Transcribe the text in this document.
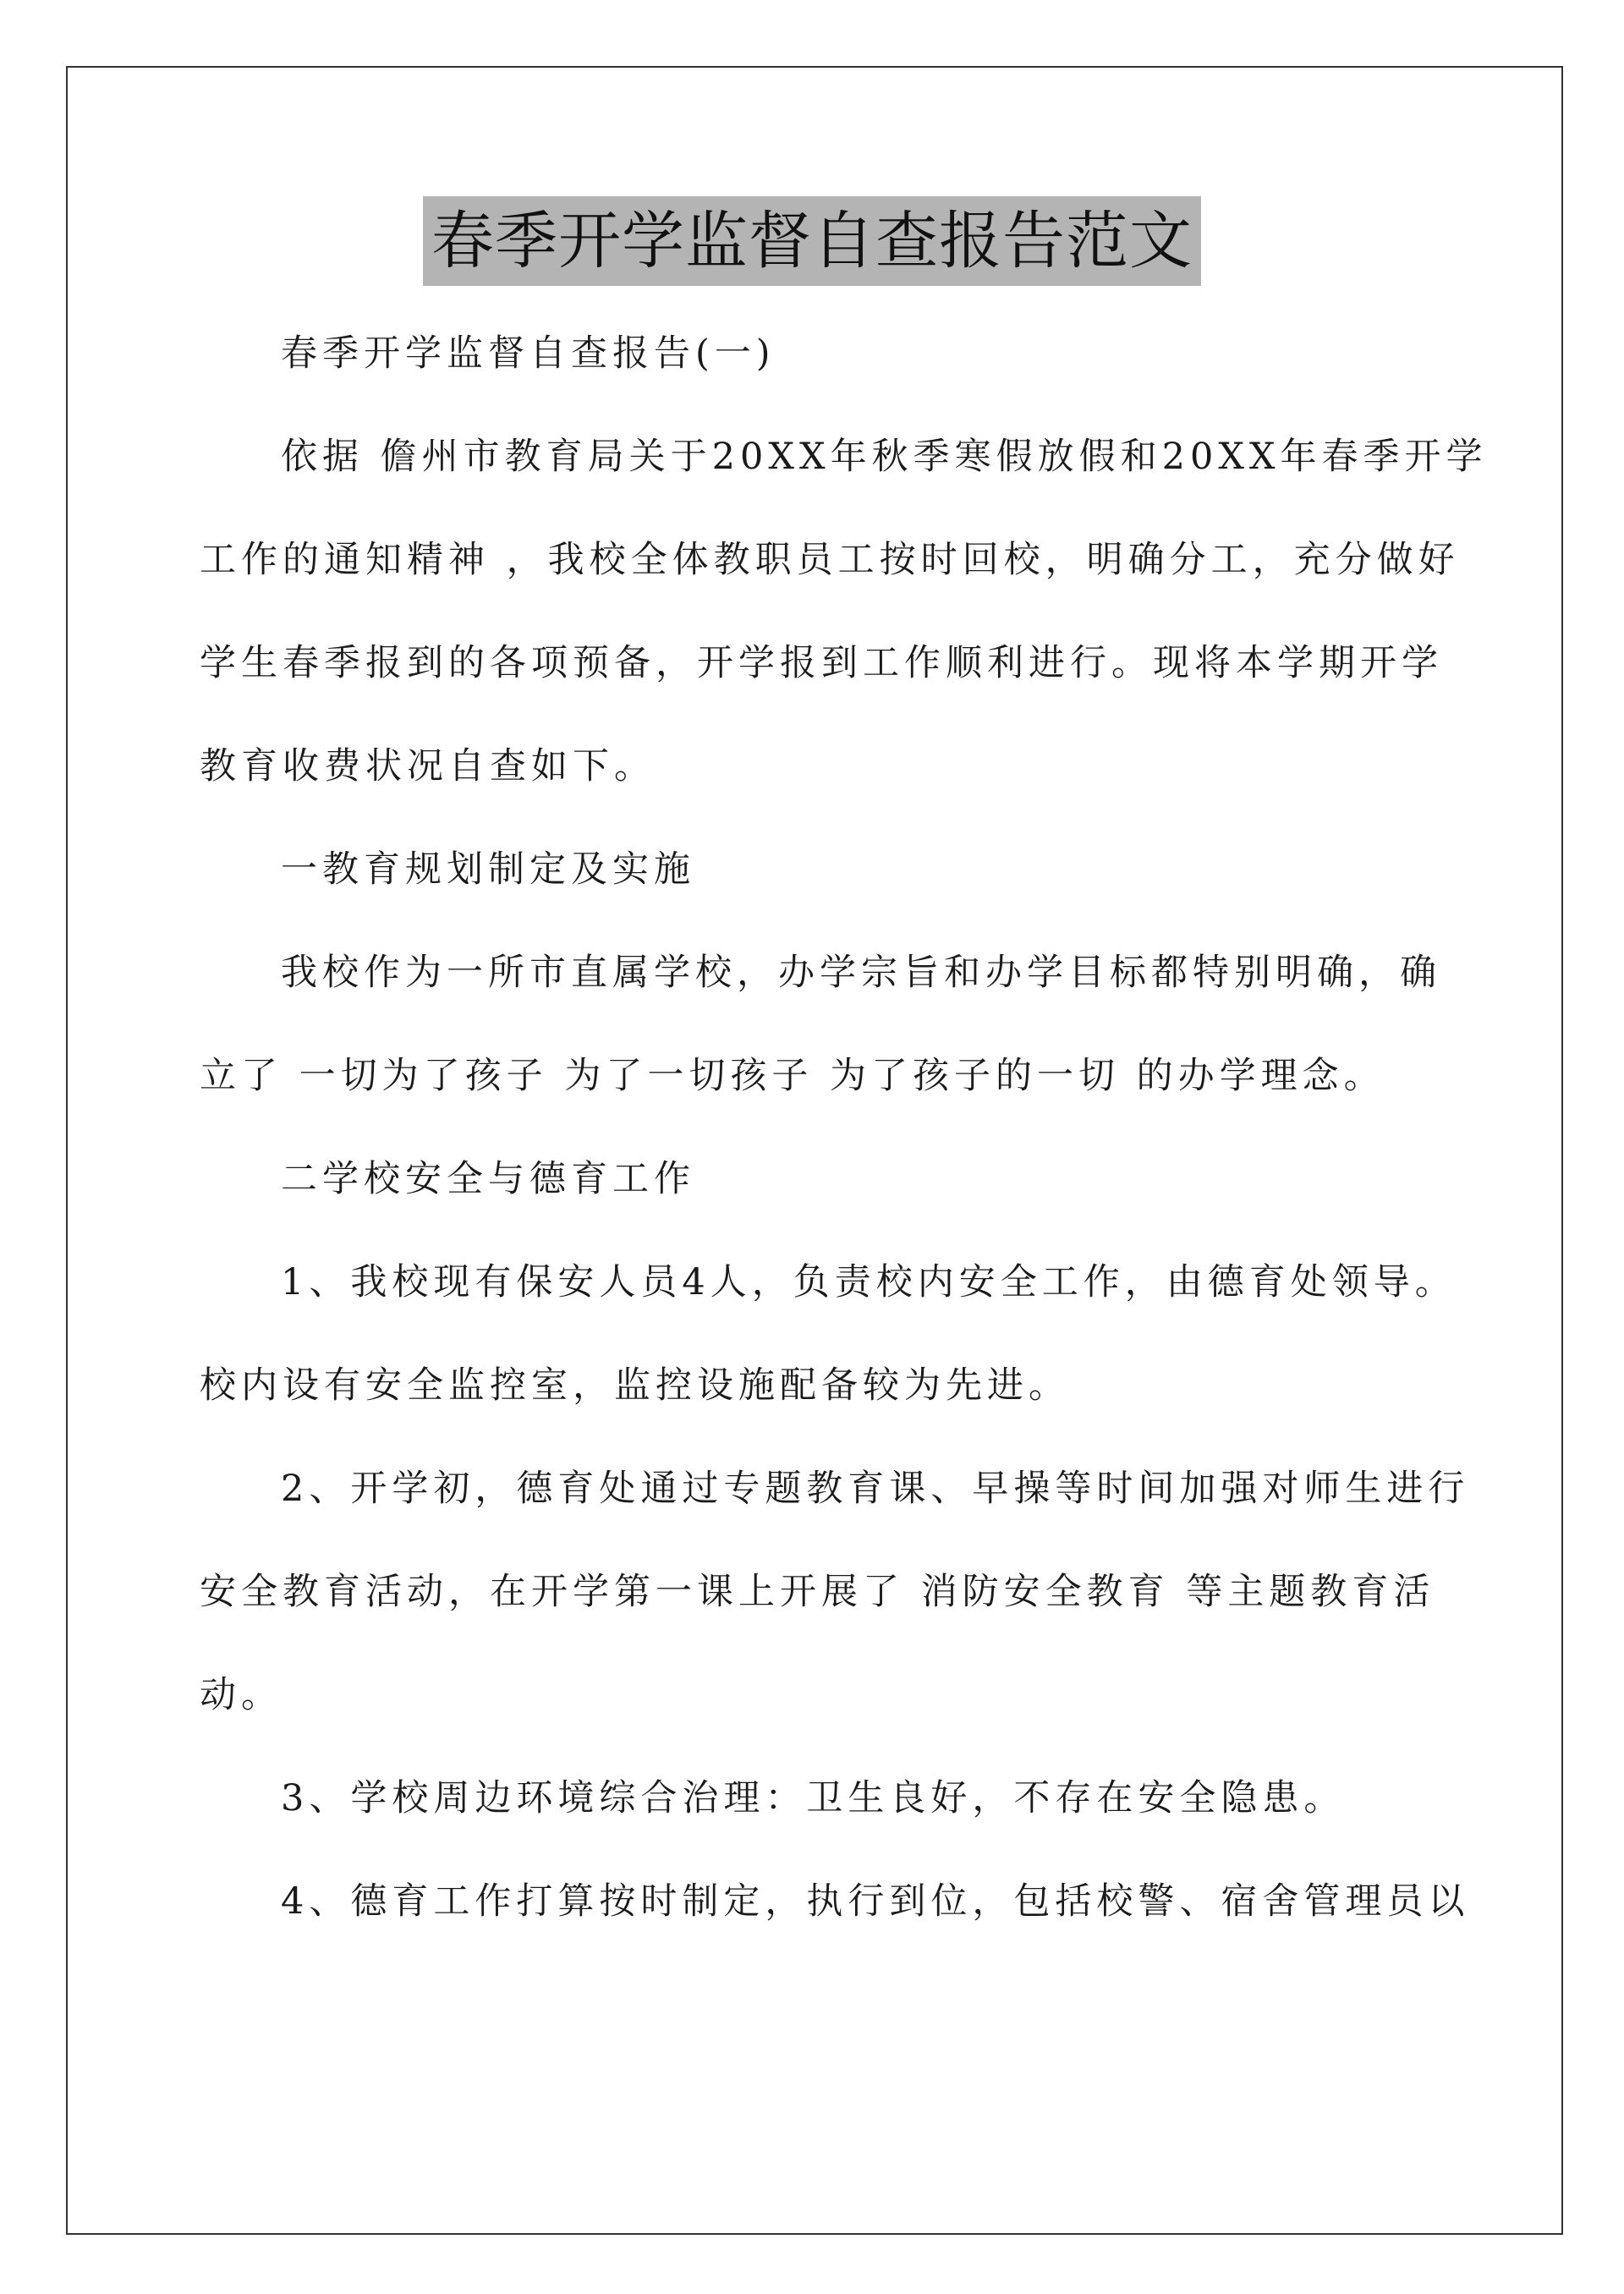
春季开学监督自查报告范文
春季开学监督自查报告(一)
依据 儋州市教育局关于20XX年秋季寒假放假和20XX年春季开学
工作的通知精神 ，我校全体教职员工按时回校，明确分工，充分做好
学生春季报到的各项预备，开学报到工作顺利进行。现将本学期开学
教育收费状况自查如下。
一教育规划制定及实施
我校作为一所市直属学校，办学宗旨和办学目标都特别明确，确
立了 一切为了孩子 为了一切孩子 为了孩子的一切 的办学理念。
二学校安全与德育工作
1、我校现有保安人员4人，负责校内安全工作，由德育处领导。
校内设有安全监控室，监控设施配备较为先进。
2、开学初，德育处通过专题教育课、早操等时间加强对师生进行
安全教育活动，在开学第一课上开展了 消防安全教育 等主题教育活
动。
3、学校周边环境综合治理：卫生良好，不存在安全隐患。
4、德育工作打算按时制定，执行到位，包括校警、宿舍管理员以
